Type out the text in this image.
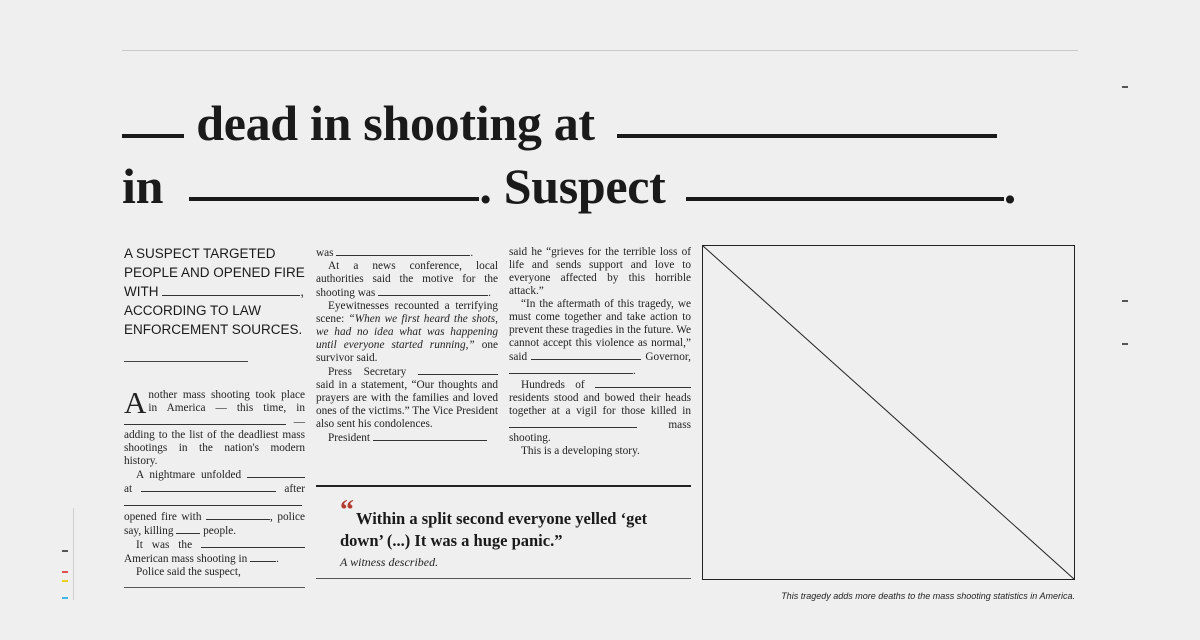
dead in shooting at
in	. Suspect	.
A SUSPECT TARGETED PEOPLE AND OPENED FIRE WITH	, ACCORDING TO LAW ENFORCEMENT SOURCES.

Another mass shooting took place in America — this time, in  — adding to the list of the deadliest mass shootings in the nation's modern history.

A nightmare unfolded  at	after  opened fire with	, police say, killing	people.

It was the  American mass shooting in	.

Police said the suspect,

was	.

At a news conference, local authorities said the motive for the shooting was	.

Eyewitnesses recounted a terrifying scene: “When we first heard the shots, we had no idea what was happening until everyone started running,” one survivor said.

Press Secretary  said in a statement, “Our thoughts and prayers are with the families and loved ones of the victims.” The Vice President also sent his condolences.

President

said he “grieves for the terrible loss of life and sends support and love to everyone affected by this horrible attack.”

“In the aftermath of this tragedy, we must come together and take action to prevent these tragedies in the future. We cannot accept this violence as normal,” said	Governor, .

Hundreds of  residents stood and bowed their heads together at a vigil for those killed in  mass shooting.

This is a developing story.

“ Within a split second everyone yelled ‘get down’ (...) It was a huge panic.”
A witness described.
This tragedy adds more deaths to the mass shooting statistics in America.
